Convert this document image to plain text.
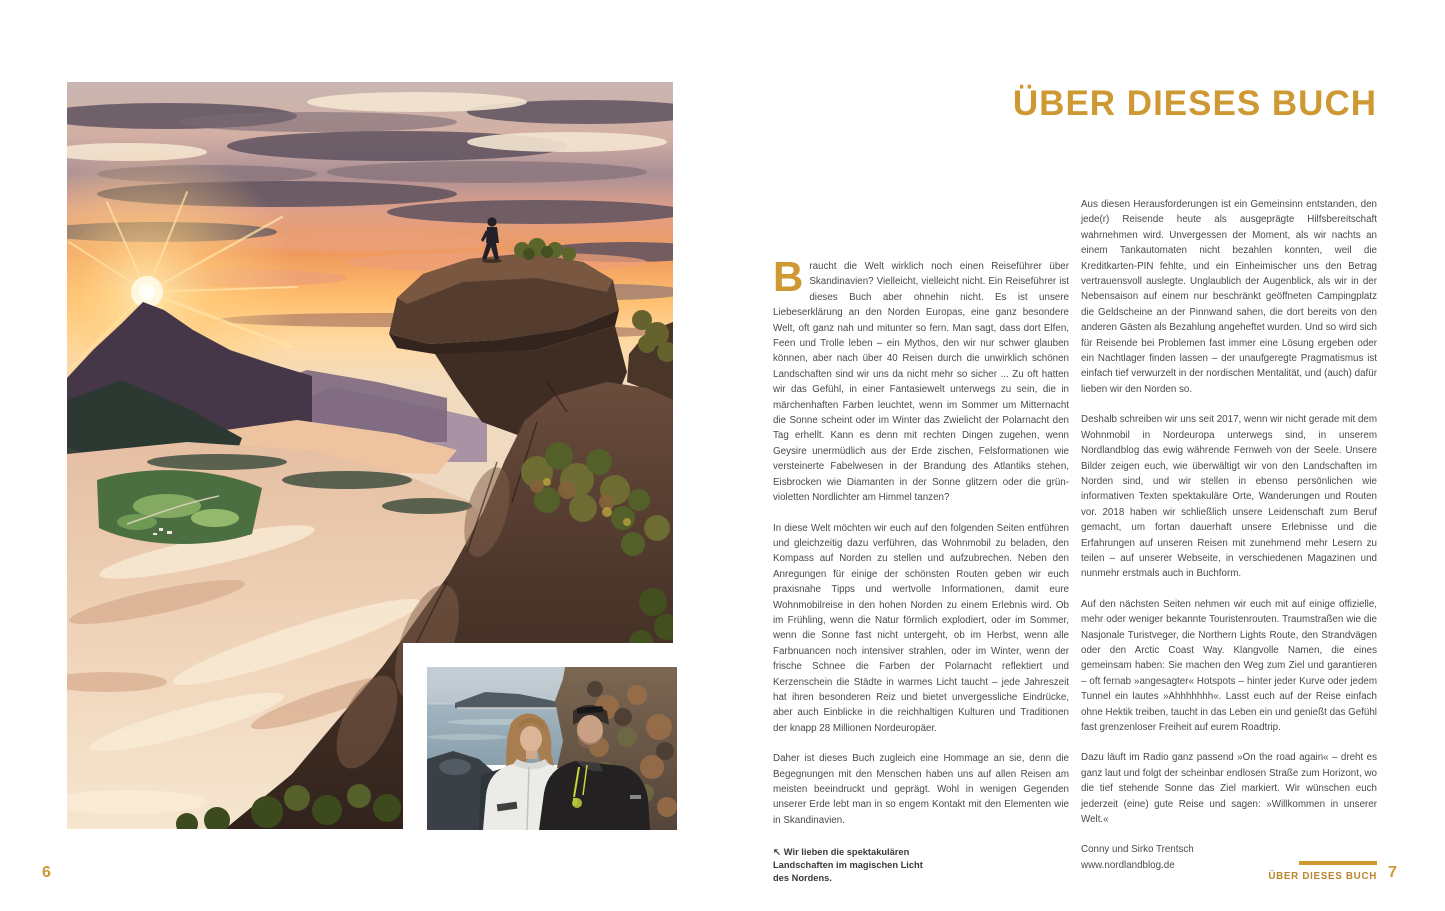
ÜBER DIESES BUCH

Braucht die Welt wirklich noch einen Reiseführer über Skandinavien? Vielleicht, vielleicht nicht. Ein Reiseführer ist dieses Buch aber ohnehin nicht. Es ist unsere Liebeserklärung an den Norden Europas, eine ganz besondere Welt, oft ganz nah und mitunter so fern. Man sagt, dass dort Elfen, Feen und Trolle leben – ein Mythos, den wir nur schwer glauben können, aber nach über 40 Reisen durch die unwirklich schönen Landschaften sind wir uns da nicht mehr so sicher ... Zu oft hatten wir das Gefühl, in einer Fantasiewelt unterwegs zu sein, die in märchenhaften Farben leuchtet, wenn im Sommer um Mitternacht die Sonne scheint oder im Winter das Zwielicht der Polarnacht den Tag erhellt. Kann es denn mit rechten Dingen zugehen, wenn Geysire unermüdlich aus der Erde zischen, Felsformationen wie versteinerte Fabelwesen in der Brandung des Atlantiks stehen, Eisbrocken wie Diamanten in der Sonne glitzern oder die grün-violetten Nordlichter am Himmel tanzen?

In diese Welt möchten wir euch auf den folgenden Seiten entführen und gleichzeitig dazu verführen, das Wohnmobil zu beladen, den Kompass auf Norden zu stellen und aufzubrechen. Neben den Anregungen für einige der schönsten Routen geben wir euch praxisnahe Tipps und wertvolle Informationen, damit eure Wohnmobilreise in den hohen Norden zu einem Erlebnis wird. Ob im Frühling, wenn die Natur förmlich explodiert, oder im Sommer, wenn die Sonne fast nicht untergeht, ob im Herbst, wenn alle Farbnuancen noch intensiver strahlen, oder im Winter, wenn der frische Schnee die Farben der Polarnacht reflektiert und Kerzenschein die Städte in warmes Licht taucht – jede Jahreszeit hat ihren besonderen Reiz und bietet unvergessliche Eindrücke, aber auch Einblicke in die reichhaltigen Kulturen und Traditionen der knapp 28 Millionen Nordeuropäer.

Daher ist dieses Buch zugleich eine Hommage an sie, denn die Begegnungen mit den Menschen haben uns auf allen Reisen am meisten beeindruckt und geprägt. Wohl in wenigen Gegenden unserer Erde lebt man in so engem Kontakt mit den Elementen wie in Skandinavien.

Aus diesen Herausforderungen ist ein Gemeinsinn entstanden, den jede(r) Reisende heute als ausgeprägte Hilfsbereitschaft wahrnehmen wird. Unvergessen der Moment, als wir nachts an einem Tankautomaten nicht bezahlen konnten, weil die Kreditkarten-PIN fehlte, und ein Einheimischer uns den Betrag vertrauensvoll auslegte. Unglaublich der Augenblick, als wir in der Nebensaison auf einem nur beschränkt geöffneten Campingplatz die Geldscheine an der Pinnwand sahen, die dort bereits von den anderen Gästen als Bezahlung angeheftet wurden. Und so wird sich für Reisende bei Problemen fast immer eine Lösung ergeben oder ein Nachtlager finden lassen – der unaufgeregte Pragmatismus ist einfach tief verwurzelt in der nordischen Mentalität, und (auch) dafür lieben wir den Norden so.

Deshalb schreiben wir uns seit 2017, wenn wir nicht gerade mit dem Wohnmobil in Nordeuropa unterwegs sind, in unserem Nordlandblog das ewig währende Fernweh von der Seele. Unsere Bilder zeigen euch, wie überwältigt wir von den Landschaften im Norden sind, und wir stellen in ebenso persönlichen wie informativen Texten spektakuläre Orte, Wanderungen und Routen vor. 2018 haben wir schließlich unsere Leidenschaft zum Beruf gemacht, um fortan dauerhaft unsere Erlebnisse und die Erfahrungen auf unseren Reisen mit zunehmend mehr Lesern zu teilen – auf unserer Webseite, in verschiedenen Magazinen und nunmehr erstmals auch in Buchform.

Auf den nächsten Seiten nehmen wir euch mit auf einige offizielle, mehr oder weniger bekannte Touristenrouten. Traumstraßen wie die Nasjonale Turistveger, die Northern Lights Route, den Strandvägen oder den Arctic Coast Way. Klangvolle Namen, die eines gemeinsam haben: Sie machen den Weg zum Ziel und garantieren – oft fernab »angesagter« Hotspots – hinter jeder Kurve oder jedem Tunnel ein lautes »Ahhhhhhh«. Lasst euch auf der Reise einfach ohne Hektik treiben, taucht in das Leben ein und genießt das Gefühl fast grenzenloser Freiheit auf eurem Roadtrip.

Dazu läuft im Radio ganz passend »On the road again« – dreht es ganz laut und folgt der scheinbar endlosen Straße zum Horizont, wo die tief stehende Sonne das Ziel markiert. Wir wünschen euch jederzeit (eine) gute Reise und sagen: »Willkommen in unserer Welt.«

Conny und Sirko Trentsch

www.nordlandblog.de

↖ Wir lieben die spektakulären Landschaften im magischen Licht des Nordens.
6	ÜBER DIESES BUCH 7
